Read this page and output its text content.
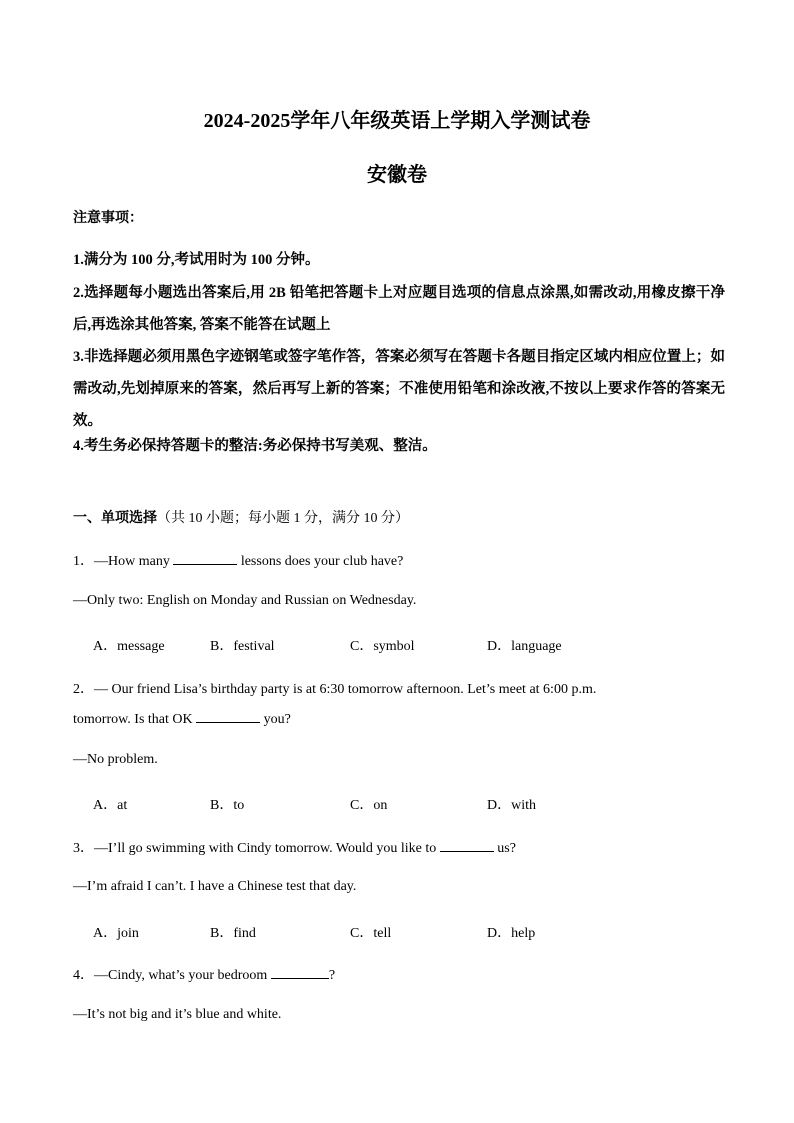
2024-2025学年八年级英语上学期入学测试卷
安徽卷
注意事项：
1.满分为 100 分,考试用时为 100 分钟。
2.选择题每小题选出答案后,用 2B 铅笔把答题卡上对应题目选项的信息点涂黑,如需改动,用橡皮擦干净后,再选涂其他答案, 答案不能答在试题上
3.非选择题必须用黑色字迹钢笔或签字笔作答，答案必须写在答题卡各题目指定区域内相应位置上；如需改动,先划掉原来的答案，然后再写上新的答案；不准使用铅笔和涂改液,不按以上要求作答的答案无效。
4.考生务必保持答题卡的整洁:务必保持书写美观、整洁。
一、单项选择（共 10 小题；每小题 1 分，满分 10 分）
1．—How many	lessons does your club have?
—Only two: English on Monday and Russian on Wednesday.
A．message	B．festival	C．symbol	D．language
2．— Our friend Lisa’s birthday party is at 6:30 tomorrow afternoon. Let’s meet at 6:00 p.m.
tomorrow. Is that OK	you?
—No problem.
A．at	B．to	C．on	D．with
3．—I’ll go swimming with Cindy tomorrow. Would you like to	us?
—I’m afraid I can’t. I have a Chinese test that day.
A．join	B．find	C．tell	D．help
4．—Cindy, what’s your bedroom	?
—It’s not big and it’s blue and white.
